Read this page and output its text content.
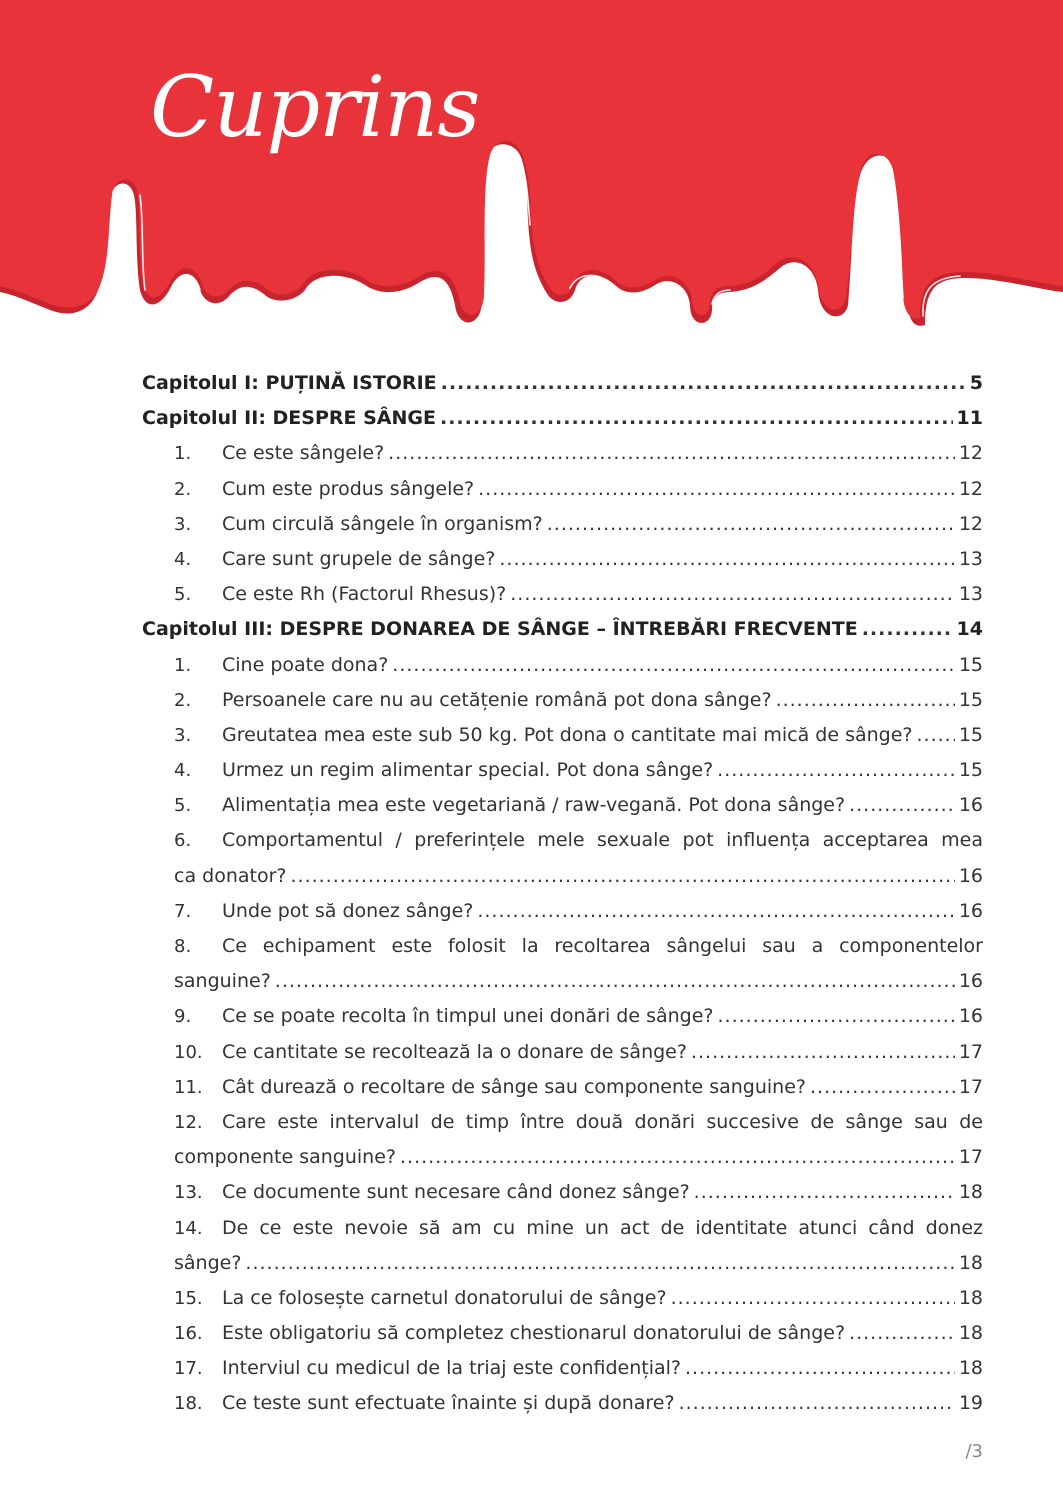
Cuprins
Capitolul I: PUȚINĂ ISTORIE .....	5
Capitolul II: DESPRE SÂNGE .....	11
1.	Ce este sângele? .....	12
2.	Cum este produs sângele? .....	12
3.	Cum circulă sângele în organism? .....	12
4.	Care sunt grupele de sânge? .....	13
5.	Ce este Rh (Factorul Rhesus)? .....	13
Capitolul III: DESPRE DONAREA DE SÂNGE – ÎNTREBĂRI FRECVENTE .....	14
1.	Cine poate dona? .....	15
2.	Persoanele care nu au cetățenie română pot dona sânge? .....	15
3.	Greutatea mea este sub 50 kg. Pot dona o cantitate mai mică de sânge? ..... 15
4.	Urmez un regim alimentar special. Pot dona sânge? .....	15
5.	Alimentația mea este vegetariană / raw-vegană. Pot dona sânge? .....	16
6. Comportamentul / preferințele mele sexuale pot influența acceptarea mea
ca donator? .....	16
7.	Unde pot să donez sânge? .....	16
8. Ce echipament este folosit la recoltarea sângelui sau a componentelor
sanguine? .....	16
9.	Ce se poate recolta în timpul unei donări de sânge? .....	16
10.	Ce cantitate se recoltează la o donare de sânge? .....	17
11.	Cât durează o recoltare de sânge sau componente sanguine? .....	17
12. Care este intervalul de timp între două donări succesive de sânge sau de
componente sanguine? .....	17
13.	Ce documente sunt necesare când donez sânge? .....	18
14. De ce este nevoie să am cu mine un act de identitate atunci când donez
sânge? .....	18
15.	La ce folosește carnetul donatorului de sânge? .....	18
16.	Este obligatoriu să completez chestionarul donatorului de sânge? .....	18
17.	Interviul cu medicul de la triaj este confidențial? .....	18
18.	Ce teste sunt efectuate înainte și după donare? .....	19
/3
